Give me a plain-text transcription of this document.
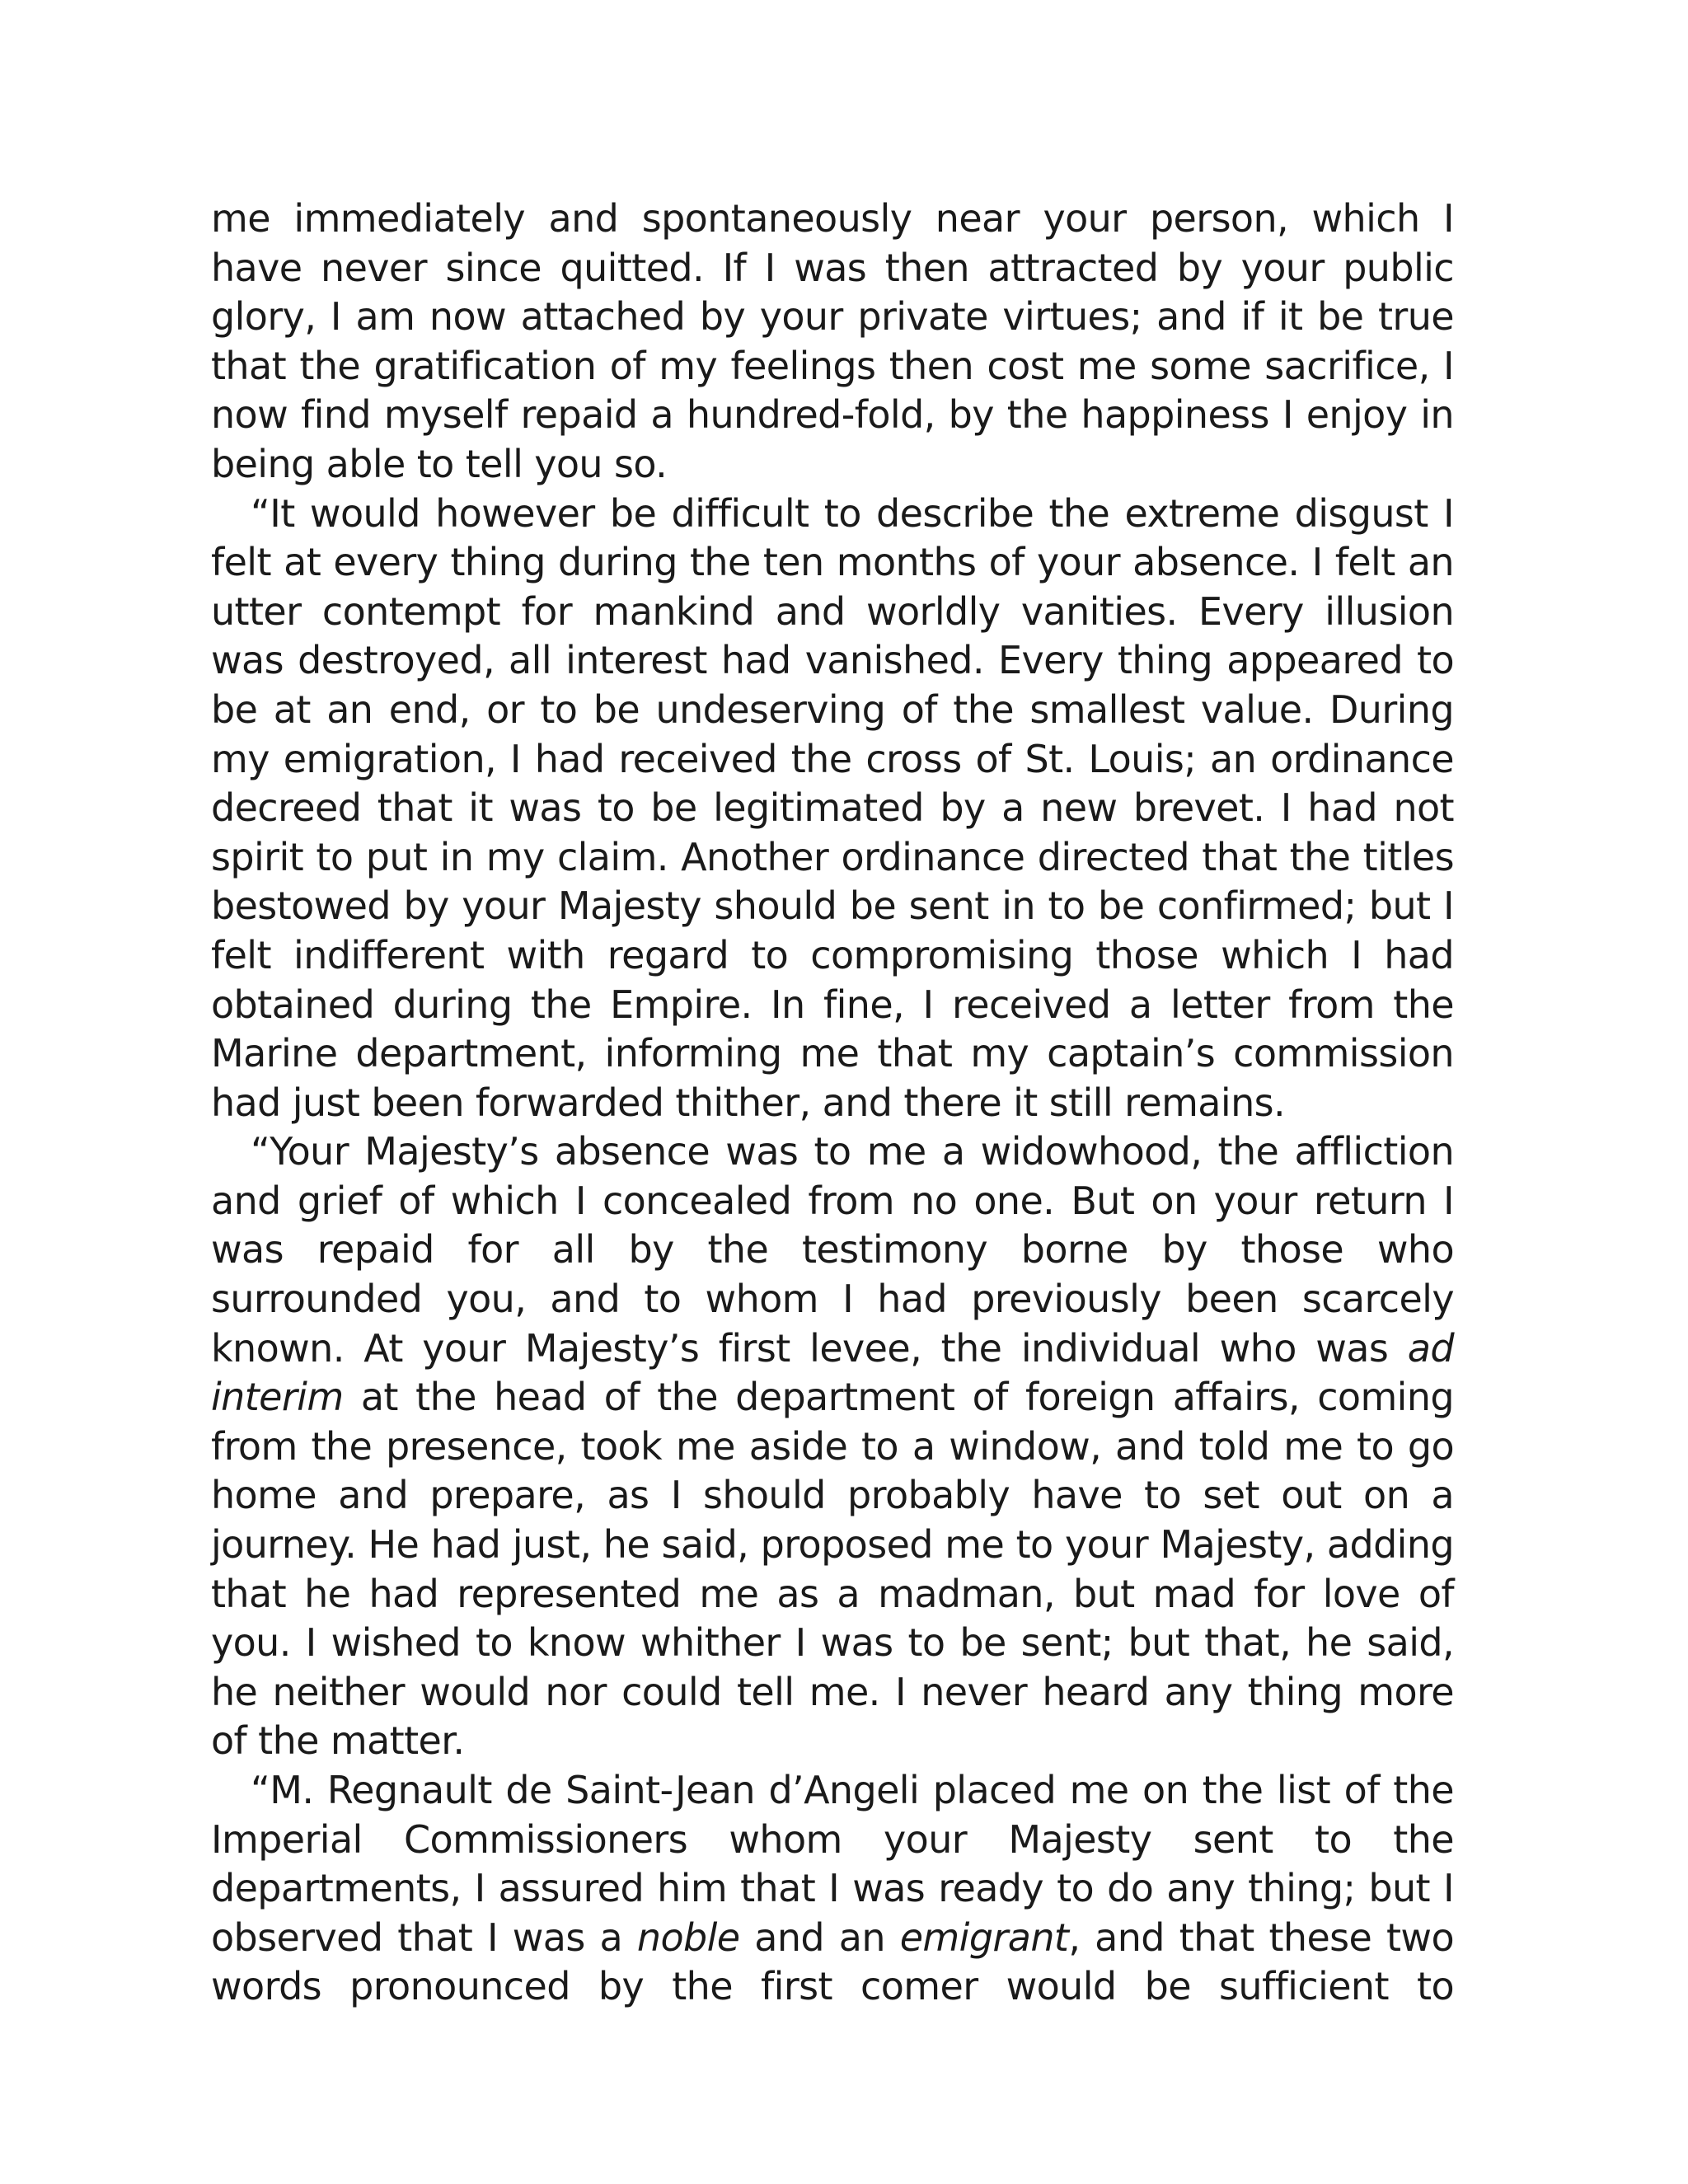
me immediately and spontaneously near your person, which I have never since quitted. If I was then attracted by your public glory, I am now attached by your private virtues; and if it be true that the gratification of my feelings then cost me some sacrifice, I now find myself repaid a hundred-fold, by the happiness I enjoy in being able to tell you so.

“It would however be difficult to describe the extreme disgust I felt at every thing during the ten months of your absence. I felt an utter contempt for mankind and worldly vanities. Every illusion was destroyed, all interest had vanished. Every thing appeared to be at an end, or to be undeserving of the smallest value. During my emigration, I had received the cross of St. Louis; an ordinance decreed that it was to be legitimated by a new brevet. I had not spirit to put in my claim. Another ordinance directed that the titles bestowed by your Majesty should be sent in to be confirmed; but I felt indifferent with regard to compromising those which I had obtained during the Empire. In fine, I received a letter from the Marine department, informing me that my captain’s commission had just been forwarded thither, and there it still remains.

“Your Majesty’s absence was to me a widowhood, the affliction and grief of which I concealed from no one. But on your return I was repaid for all by the testimony borne by those who surrounded you, and to whom I had previously been scarcely known. At your Majesty’s first levee, the individual who was ad interim at the head of the department of foreign affairs, coming from the presence, took me aside to a window, and told me to go home and prepare, as I should probably have to set out on a journey. He had just, he said, proposed me to your Majesty, adding that he had represented me as a madman, but mad for love of you. I wished to know whither I was to be sent; but that, he said, he neither would nor could tell me. I never heard any thing more of the matter.

“M. Regnault de Saint-Jean d’Angeli placed me on the list of the Imperial Commissioners whom your Majesty sent to the departments, I assured him that I was ready to do any thing; but I observed that I was a noble and an emigrant, and that these two words pronounced by the first comer would be sufficient to
